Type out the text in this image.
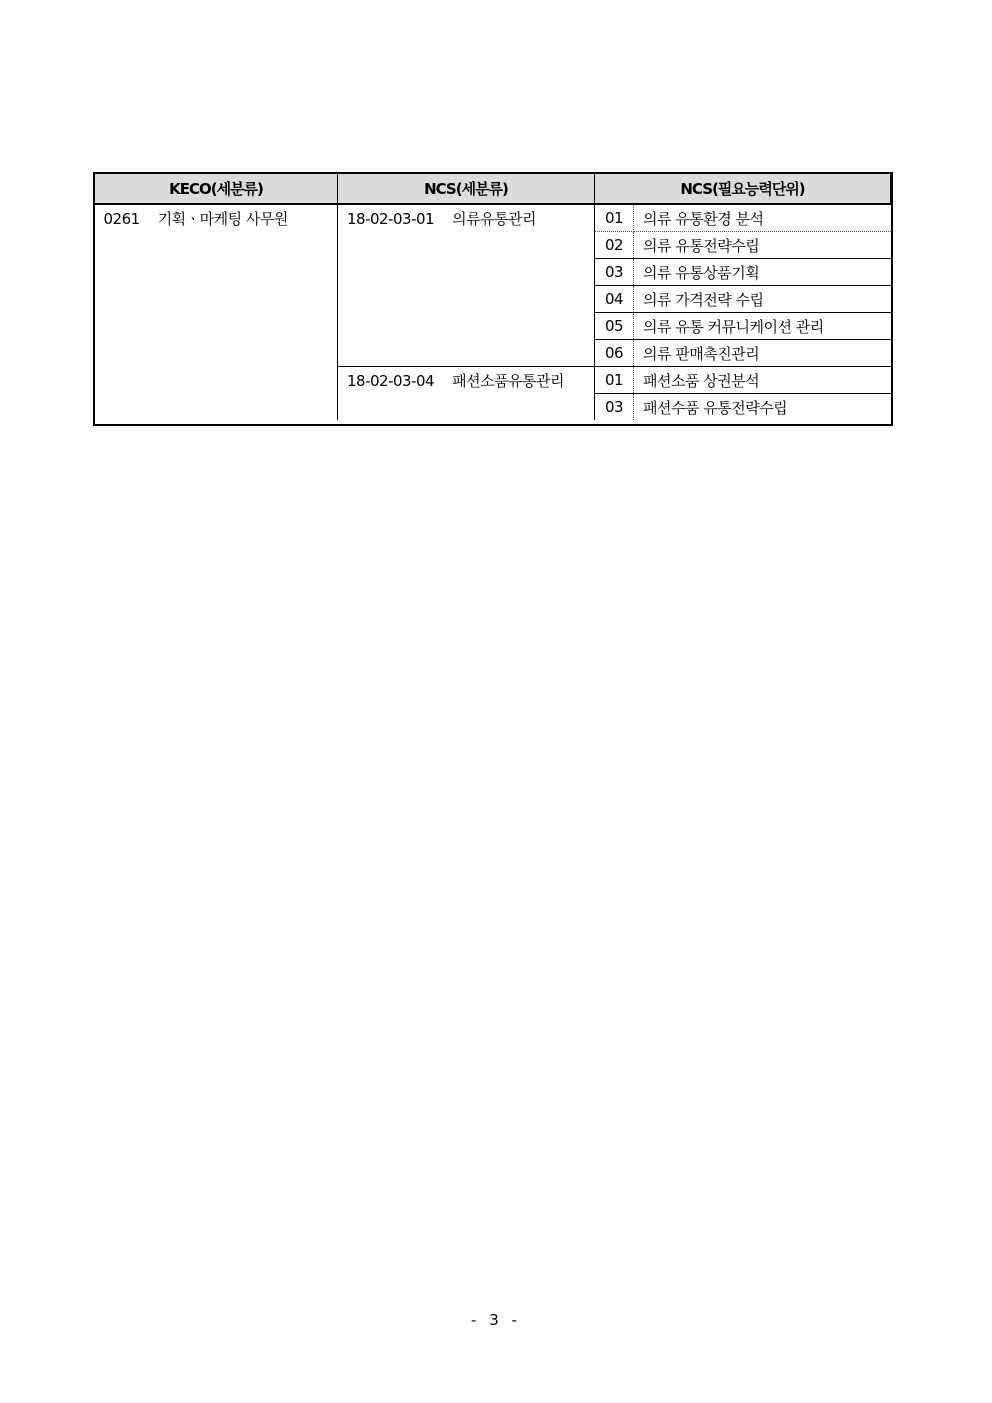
KECO(세분류)	NCS(세분류)	NCS(필요능력단위)	
0261 기획ㆍ마케팅 사무원	18-02-03-01 의류유통관리	01	의류 유통환경 분석
		02	의류 유통전략수립
		03	의류 유통상품기획
		04	의류 가격전략 수립
		05	의류 유통 커뮤니케이션 관리
		06	의류 판매촉진관리
	18-02-03-04 패션소품유통관리	01	패션소품 상권분석
		03	패션수품 유통전략수립
- 3 -
